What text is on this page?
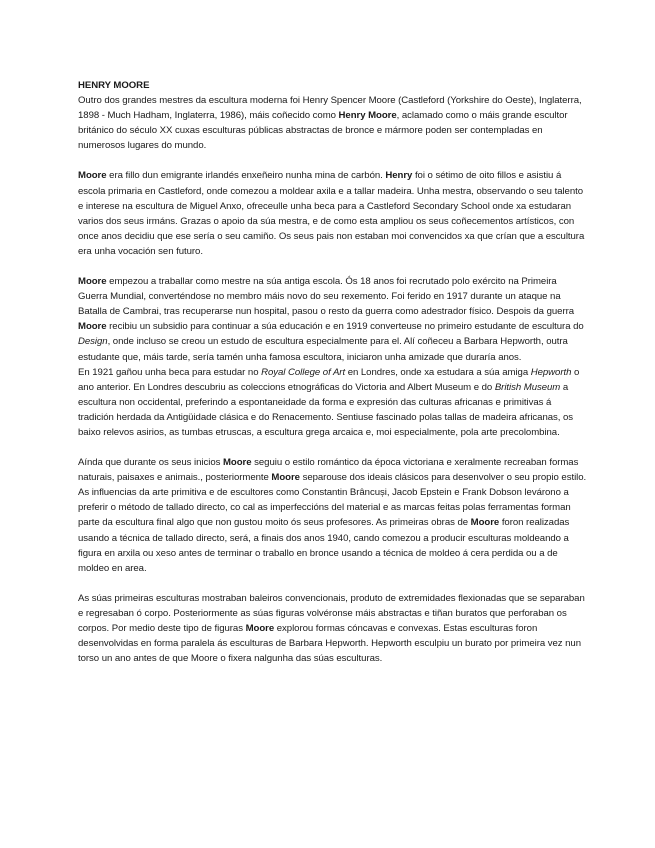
HENRY MOORE

Outro dos grandes mestres da escultura moderna foi Henry Spencer Moore (Castleford (Yorkshire do Oeste), Inglaterra, 1898 - Much Hadham, Inglaterra, 1986), máis coñecido como Henry Moore, aclamado como o máis grande escultor británico do século XX cuxas esculturas públicas abstractas de bronce e mármore poden ser contempladas en numerosos lugares do mundo.

Moore era fillo dun emigrante irlandés enxeñeiro nunha mina de carbón. Henry foi o sétimo de oito fillos e asistiu á escola primaria en Castleford, onde comezou a moldear axila e a tallar madeira. Unha mestra, observando o seu talento e interese na escultura de Miguel Anxo, ofreceulle unha beca para a Castleford Secondary School onde xa estudaran varios dos seus irmáns. Grazas o apoio da súa mestra, e de como esta ampliou os seus coñecementos artísticos, con once anos decidiu que ese sería o seu camiño. Os seus pais non estaban moi convencidos xa que crían que a escultura era unha vocación sen futuro.

Moore empezou a traballar como mestre na súa antiga escola. Ós 18 anos foi recrutado polo exército na Primeira Guerra Mundial, converténdose no membro máis novo do seu rexemento. Foi ferido en 1917 durante un ataque na Batalla de Cambrai, tras recuperarse nun hospital, pasou o resto da guerra como adestrador físico. Despois da guerra Moore recibiu un subsidio para continuar a súa educación e en 1919 converteuse no primeiro estudante de escultura do Design, onde incluso se creou un estudo de escultura especialmente para el. Alí coñeceu a Barbara Hepworth, outra estudante que, máis tarde, sería tamén unha famosa escultora, iniciaron unha amizade que duraría anos.

En 1921 gañou unha beca para estudar no Royal College of Art en Londres, onde xa estudara a súa amiga Hepworth o ano anterior. En Londres descubriu as coleccions etnográficas do Victoria and Albert Museum e do British Museum a escultura non occidental, preferindo a espontaneidade da forma e expresión das culturas africanas e primitivas á tradición herdada da Antigüidade clásica e do Renacemento. Sentiuse fascinado polas tallas de madeira africanas, os baixo relevos asirios, as tumbas etruscas, a escultura grega arcaica e, moi especialmente, pola arte precolombina.

Aínda que durante os seus inicios Moore seguiu o estilo romántico da época victoriana e xeralmente recreaban formas naturais, paisaxes e animais., posteriormente Moore separouse dos ideais clásicos para desenvolver o seu propio estilo. As influencias da arte primitiva e de escultores como Constantin Brâncuși, Jacob Epstein e Frank Dobson levárono a preferir o método de tallado directo, co cal as imperfeccións del material e as marcas feitas polas ferramentas forman parte da escultura final algo que non gustou moito ós seus profesores. As primeiras obras de Moore foron realizadas usando a técnica de tallado directo, será, a finais dos anos 1940, cando comezou a producir esculturas moldeando a figura en arxila ou xeso antes de terminar o traballo en bronce usando a técnica de moldeo á cera perdida ou a de moldeo en area.

As súas primeiras esculturas mostraban baleiros convencionais, produto de extremidades flexionadas que se separaban e regresaban ó corpo. Posteriormente as súas figuras volvéronse máis abstractas e tiñan buratos que perforaban os corpos. Por medio deste tipo de figuras Moore explorou formas cóncavas e convexas. Estas esculturas foron desenvolvidas en forma paralela ás esculturas de Barbara Hepworth. Hepworth esculpiu un burato por primeira vez nun torso un ano antes de que Moore o fixera nalgunha das súas esculturas.
